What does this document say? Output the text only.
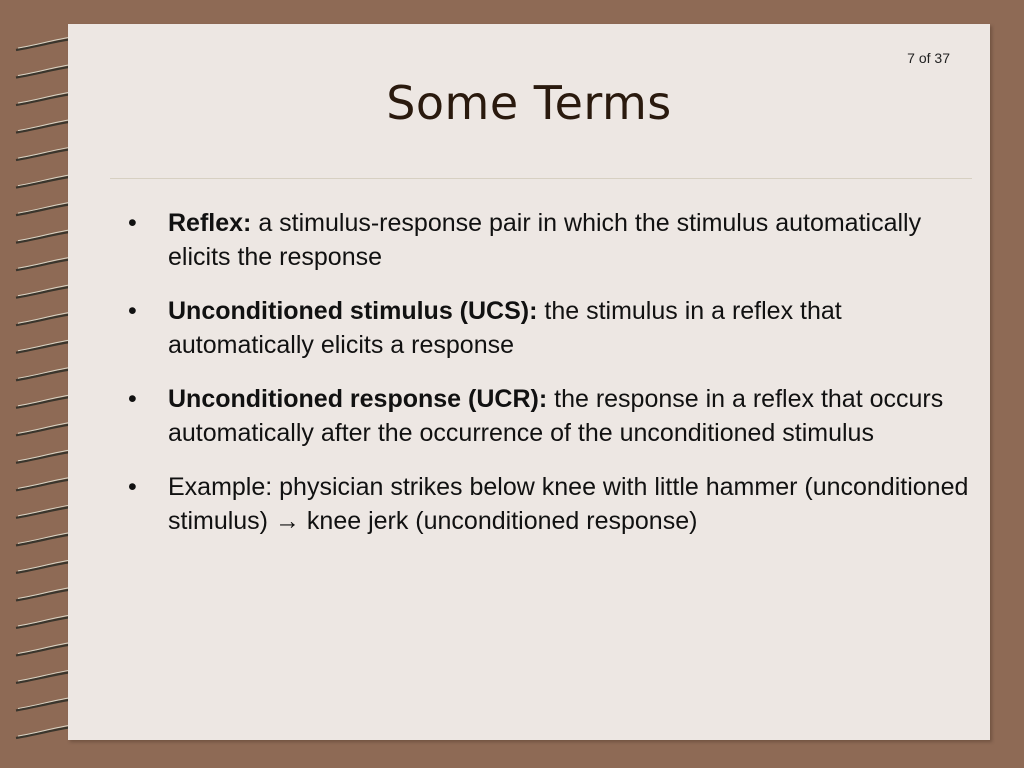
7 of 37
Some Terms
• Reflex: a stimulus-response pair in which the stimulus automatically elicits the response
• Unconditioned stimulus (UCS): the stimulus in a reflex that automatically elicits a response
• Unconditioned response (UCR): the response in a reflex that occurs automatically after the occurrence of the unconditioned stimulus
• Example: physician strikes below knee with little hammer (unconditioned stimulus) → knee jerk (unconditioned response)
